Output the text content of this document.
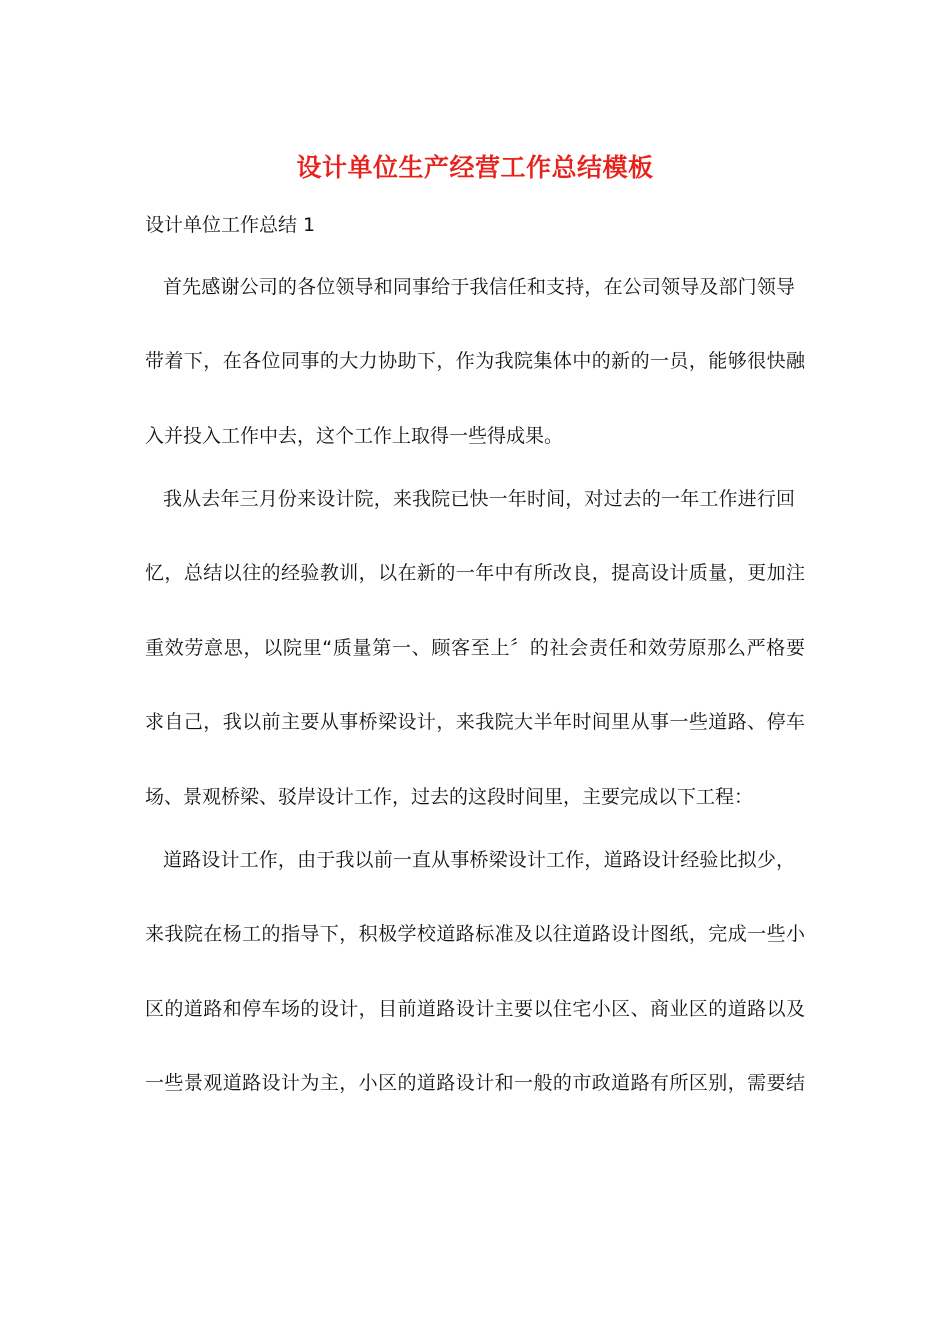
设计单位生产经营工作总结模板
设计单位工作总结 1
首先感谢公司的各位领导和同事给于我信任和支持，在公司领导及部门领导
带着下，在各位同事的大力协助下，作为我院集体中的新的一员，能够很快融
入并投入工作中去，这个工作上取得一些得成果。
我从去年三月份来设计院，来我院已快一年时间，对过去的一年工作进行回
忆，总结以往的经验教训，以在新的一年中有所改良，提高设计质量，更加注
重效劳意思，以院里“质量第一、顾客至上〞的社会责任和效劳原那么严格要
求自己，我以前主要从事桥梁设计，来我院大半年时间里从事一些道路、停车
场、景观桥梁、驳岸设计工作，过去的这段时间里，主要完成以下工程：
道路设计工作，由于我以前一直从事桥梁设计工作，道路设计经验比拟少，
来我院在杨工的指导下，积极学校道路标准及以往道路设计图纸，完成一些小
区的道路和停车场的设计，目前道路设计主要以住宅小区、商业区的道路以及
一些景观道路设计为主，小区的道路设计和一般的市政道路有所区别，需要结
